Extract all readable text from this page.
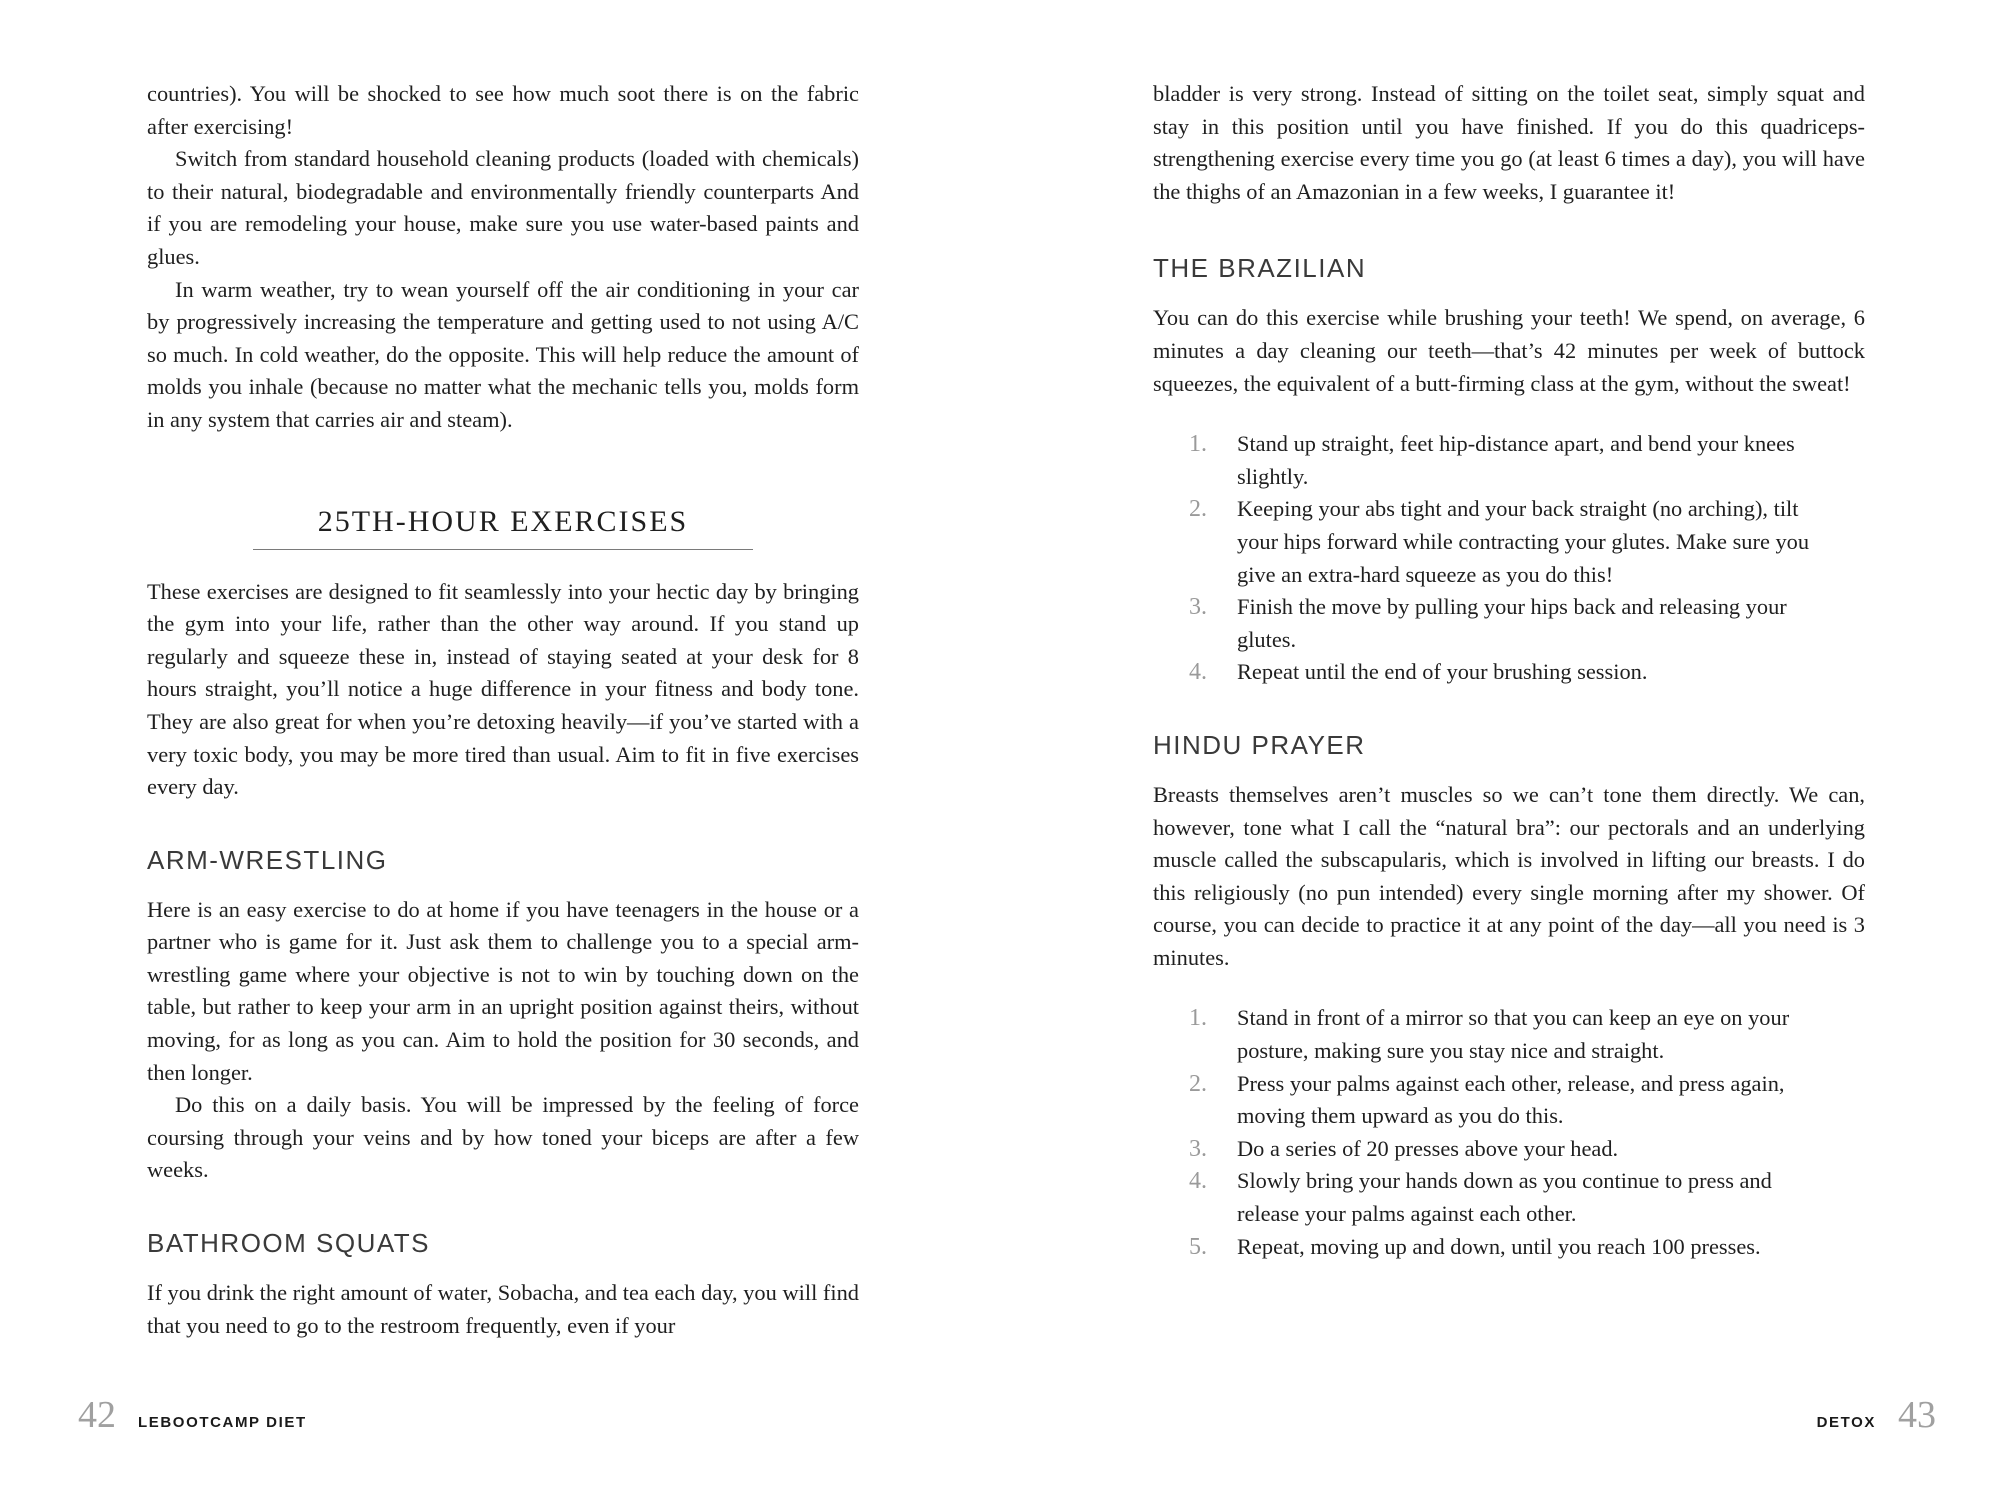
countries). You will be shocked to see how much soot there is on the fabric after exercising!

Switch from standard household cleaning products (loaded with chemicals) to their natural, biodegradable and environmentally friendly counterparts And if you are remodeling your house, make sure you use water-based paints and glues.

In warm weather, try to wean yourself off the air conditioning in your car by progressively increasing the temperature and getting used to not using A/C so much. In cold weather, do the opposite. This will help reduce the amount of molds you inhale (because no matter what the mechanic tells you, molds form in any system that carries air and steam).

25TH-HOUR EXERCISES

These exercises are designed to fit seamlessly into your hectic day by bringing the gym into your life, rather than the other way around. If you stand up regularly and squeeze these in, instead of staying seated at your desk for 8 hours straight, you’ll notice a huge difference in your fitness and body tone. They are also great for when you’re detoxing heavily—if you’ve started with a very toxic body, you may be more tired than usual. Aim to fit in five exercises every day.

ARM-WRESTLING

Here is an easy exercise to do at home if you have teenagers in the house or a partner who is game for it. Just ask them to challenge you to a special arm-wrestling game where your objective is not to win by touching down on the table, but rather to keep your arm in an upright position against theirs, without moving, for as long as you can. Aim to hold the position for 30 seconds, and then longer.

Do this on a daily basis. You will be impressed by the feeling of force coursing through your veins and by how toned your biceps are after a few weeks.

BATHROOM SQUATS

If you drink the right amount of water, Sobacha, and tea each day, you will find that you need to go to the restroom frequently, even if your

42 LEBOOTCAMP DIET

bladder is very strong. Instead of sitting on the toilet seat, simply squat and stay in this position until you have finished. If you do this quadriceps-strengthening exercise every time you go (at least 6 times a day), you will have the thighs of an Amazonian in a few weeks, I guarantee it!

THE BRAZILIAN

You can do this exercise while brushing your teeth! We spend, on average, 6 minutes a day cleaning our teeth—that’s 42 minutes per week of buttock squeezes, the equivalent of a butt-firming class at the gym, without the sweat!

1. Stand up straight, feet hip-distance apart, and bend your knees slightly.
2. Keeping your abs tight and your back straight (no arching), tilt your hips forward while contracting your glutes. Make sure you give an extra-hard squeeze as you do this!
3. Finish the move by pulling your hips back and releasing your glutes.
4. Repeat until the end of your brushing session.
HINDU PRAYER

Breasts themselves aren’t muscles so we can’t tone them directly. We can, however, tone what I call the “natural bra”: our pectorals and an underlying muscle called the subscapularis, which is involved in lifting our breasts. I do this religiously (no pun intended) every single morning after my shower. Of course, you can decide to practice it at any point of the day—all you need is 3 minutes.

1. Stand in front of a mirror so that you can keep an eye on your posture, making sure you stay nice and straight.
2. Press your palms against each other, release, and press again, moving them upward as you do this.
3. Do a series of 20 presses above your head.
4. Slowly bring your hands down as you continue to press and release your palms against each other.
5. Repeat, moving up and down, until you reach 100 presses.
DETOX 43
